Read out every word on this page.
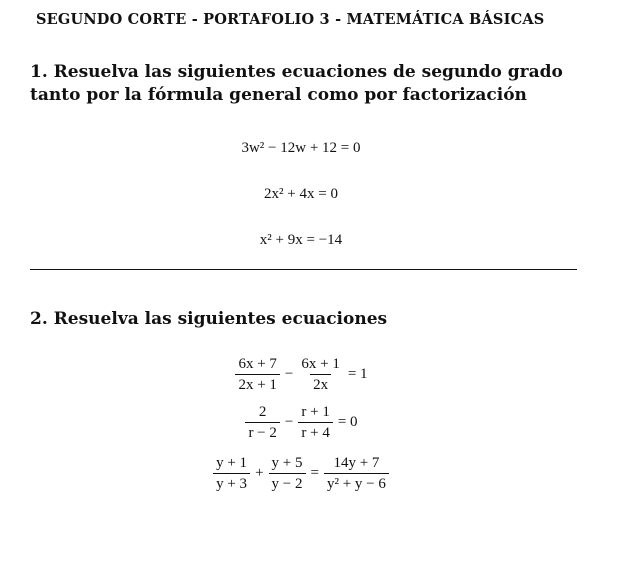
SEGUNDO CORTE - PORTAFOLIO 3 - MATEMÁTICA BÁSICAS
1. Resuelva las siguientes ecuaciones de segundo grado tanto por la fórmula general como por factorización
3w² − 12w + 12 = 0
2x² + 4x = 0
x² + 9x = −14
2. Resuelva las siguientes ecuaciones
$\frac{6x + 7}{2x + 1} - \frac{6x + 1}{2x} = 1$
$\frac{2}{r - 2} - \frac{r + 1}{r + 4} = 0$
$\frac{y + 1}{y + 3} + \frac{y + 5}{y - 2} = \frac{14y + 7}{\text{y² + y − 6}}$
